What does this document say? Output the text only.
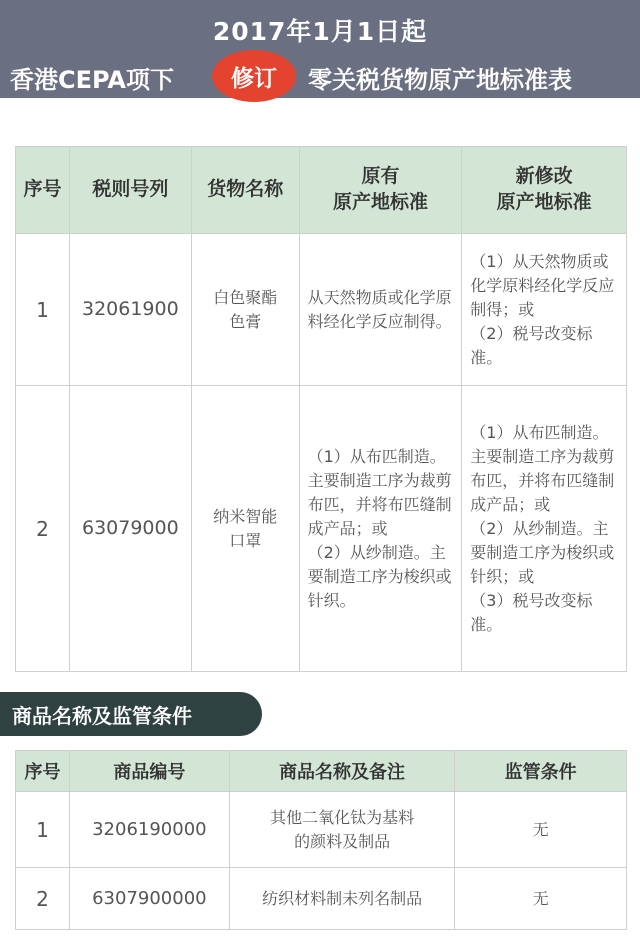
2017年1月1日起
香港CEPA项下	修订	零关税货物原产地标准表
序号	税则号列	货物名称	原有
原产地标准	新修改
原产地标准
1	32061900	白色聚酯色膏	从天然物质或化学原料经化学反应制得。	（1）从天然物质或化学原料经化学反应制得；或
（2）税号改变标准。
2	63079000	纳米智能口罩	（1）从布匹制造。主要制造工序为裁剪布匹，并将布匹缝制成产品；或
（2）从纱制造。主要制造工序为梭织或针织。	（1）从布匹制造。主要制造工序为裁剪布匹，并将布匹缝制成产品；或
（2）从纱制造。主要制造工序为梭织或针织；或
（3）税号改变标准。
商品名称及监管条件
序号	商品编号	商品名称及备注	监管条件
1	3206190000	其他二氧化钛为基料
的颜料及制品	无
2	6307900000	纺织材料制未列名制品	无
